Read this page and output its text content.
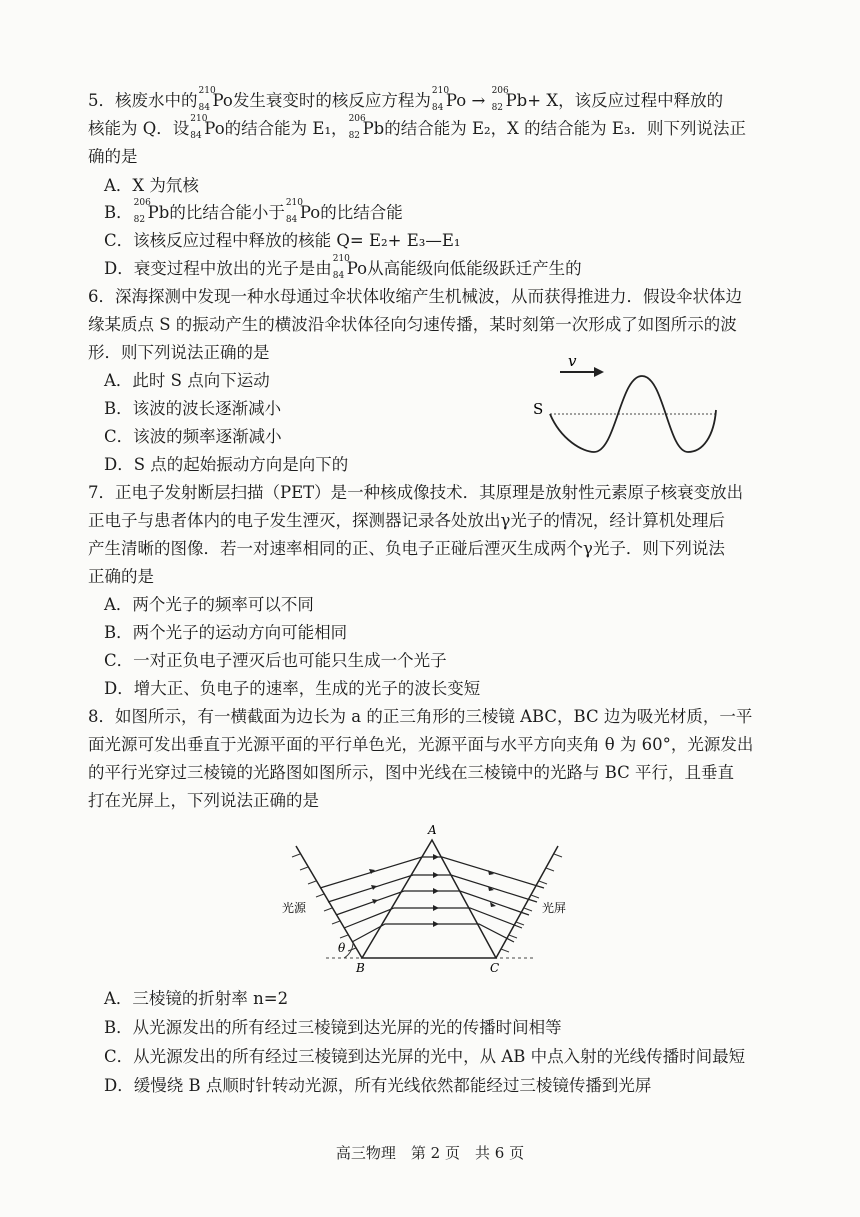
5．核废水中的 210
84 Po发生衰变时的核反应方程为 210
84 Po → 206
82 Pb+ X，该反应过程中释放的
核能为 Q．设 210
84 Po的结合能为 E₁， 206
82 Pb的结合能为 E₂，X 的结合能为 E₃．则下列说法正
确的是
A．X 为氘核
B． 206
82 Pb的比结合能小于 210
84 Po的比结合能
C．该核反应过程中释放的核能 Q= E₂+ E₃—E₁
D．衰变过程中放出的光子是由 210
84 Po从高能级向低能级跃迁产生的
6．深海探测中发现一种水母通过伞状体收缩产生机械波，从而获得推进力．假设伞状体边
缘某质点 S 的振动产生的横波沿伞状体径向匀速传播，某时刻第一次形成了如图所示的波
形．则下列说法正确的是
A．此时 S 点向下运动
B．该波的波长逐渐减小
C．该波的频率逐渐减小
D．S 点的起始振动方向是向下的
v
S
7．正电子发射断层扫描（PET）是一种核成像技术．其原理是放射性元素原子核衰变放出
正电子与患者体内的电子发生湮灭，探测器记录各处放出γ光子的情况，经计算机处理后
产生清晰的图像．若一对速率相同的正、负电子正碰后湮灭生成两个γ光子．则下列说法
正确的是
A．两个光子的频率可以不同
B．两个光子的运动方向可能相同
C．一对正负电子湮灭后也可能只生成一个光子
D．增大正、负电子的速率，生成的光子的波长变短
8．如图所示，有一横截面为边长为 a 的正三角形的三棱镜 ABC，BC 边为吸光材质，一平
面光源可发出垂直于光源平面的平行单色光，光源平面与水平方向夹角 θ 为 60°，光源发出
的平行光穿过三棱镜的光路图如图所示，图中光线在三棱镜中的光路与 BC 平行，且垂直
打在光屏上，下列说法正确的是
A
B	C
光源	光屏
θ
A．三棱镜的折射率 n=2
B．从光源发出的所有经过三棱镜到达光屏的光的传播时间相等
C．从光源发出的所有经过三棱镜到达光屏的光中，从 AB 中点入射的光线传播时间最短
D．缓慢绕 B 点顺时针转动光源，所有光线依然都能经过三棱镜传播到光屏
高三物理　第 2 页　共 6 页
